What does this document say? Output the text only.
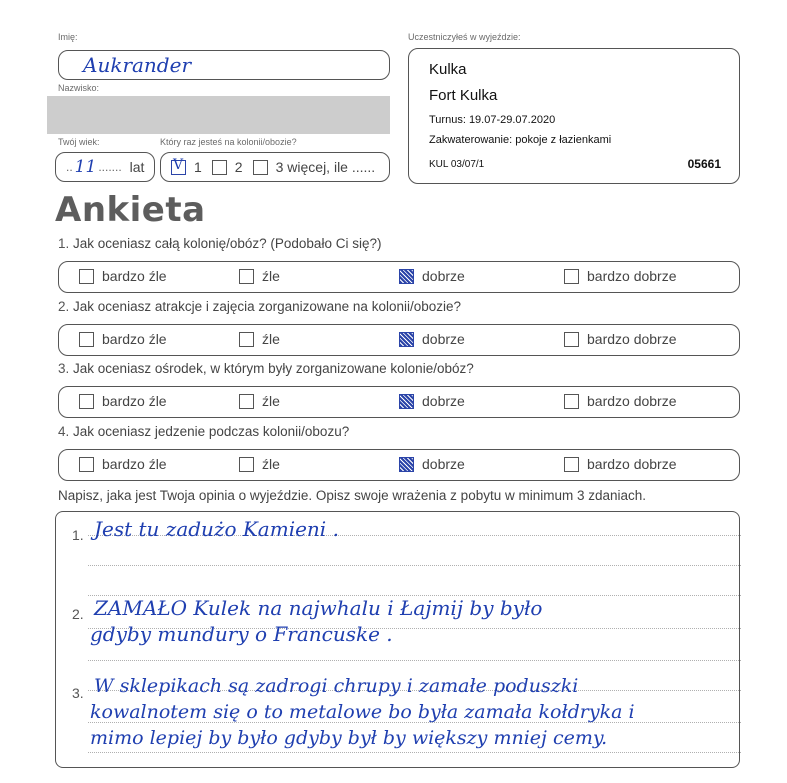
Imię:
Aukrander
Nazwisko:
Twój wiek:
.. 11 ....... lat
Który raz jesteś na kolonii/obozie?
V 1 2 3 więcej, ile ......
Uczestniczyłeś w wyjeździe:
Kulka
Fort Kulka
Turnus: 19.07-29.07.2020
Zakwaterowanie: pokoje z łazienkami
KUL 03/07/1	05661
Ankieta
1. Jak oceniasz całą kolonię/obóz? (Podobało Ci się?)
bardzo źle	źle	dobrze	bardzo dobrze
2. Jak oceniasz atrakcje i zajęcia zorganizowane na kolonii/obozie?
bardzo źle	źle	dobrze	bardzo dobrze
3. Jak oceniasz ośrodek, w którym były zorganizowane kolonie/obóz?
bardzo źle	źle	dobrze	bardzo dobrze
4. Jak oceniasz jedzenie podczas kolonii/obozu?
bardzo źle	źle	dobrze	bardzo dobrze
Napisz, jaka jest Twoja opinia o wyjeździe. Opisz swoje wrażenia z pobytu w minimum 3 zdaniach.
1. Jest tu zadużo Kamieni .
2. ZAMAŁO Kulek na najwhalu i Łajmij by było
gdyby mundury o Francuske .
3. W sklepikach są zadrogi chrupy i zamałe poduszki
kowalnotem się o to metalowe bo była zamała kołdryka i
mimo lepiej by było gdyby był by większy mniej cemy.
